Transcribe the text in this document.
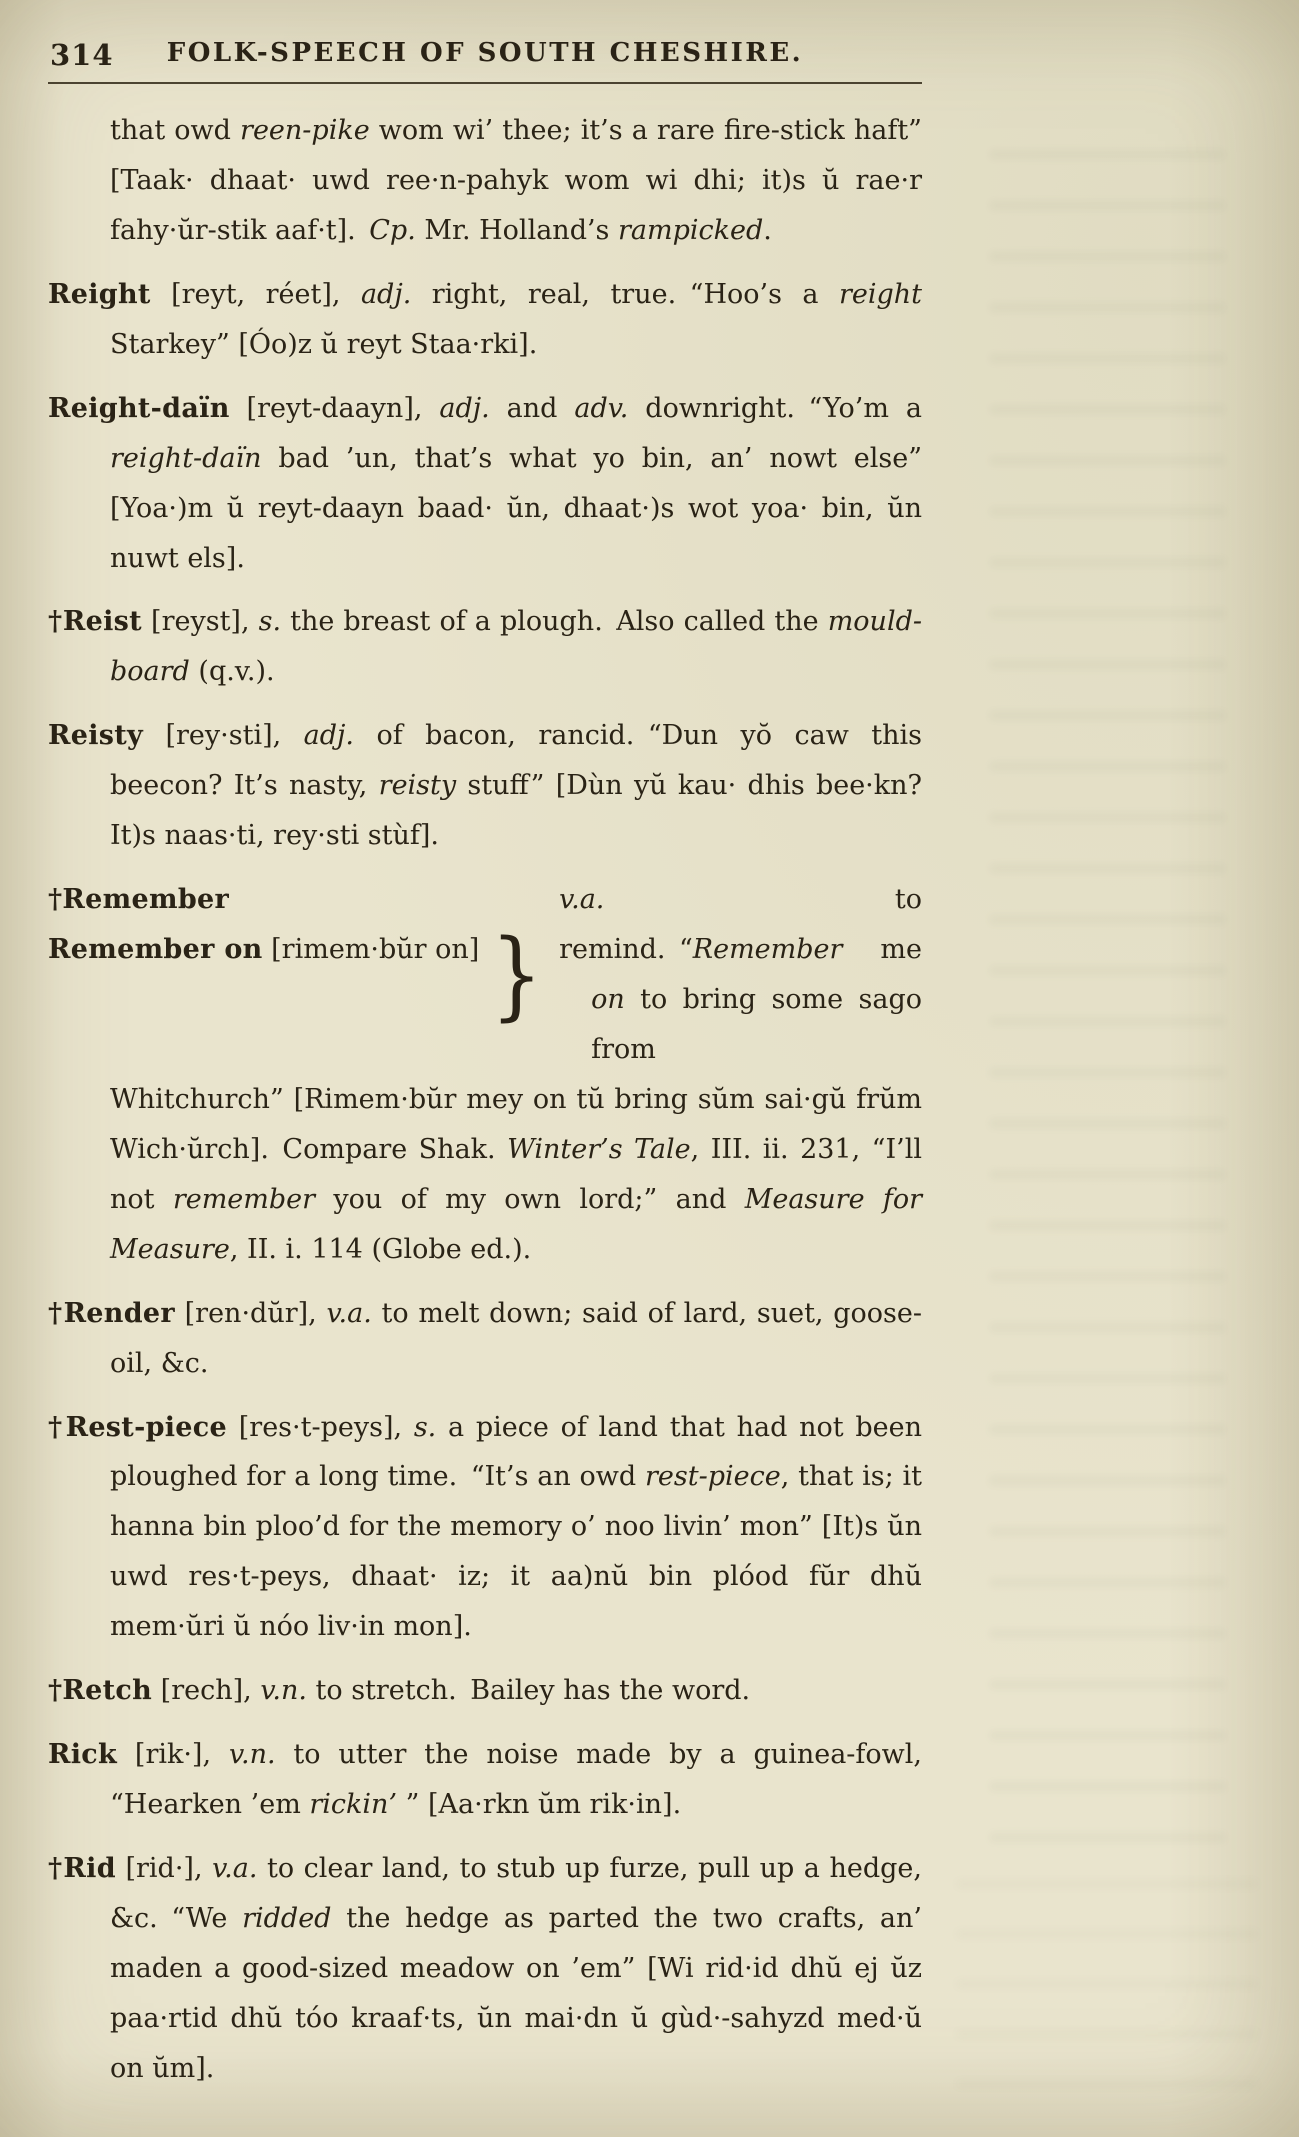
314	FOLK-SPEECH OF SOUTH CHESHIRE.

that owd reen-pike wom wi’ thee; it’s a rare fire-stick haft” [Taak· dhaat· uwd ree·n-pahyk wom wi dhi; it)s ŭ rae·r fahy·ŭr-stik aaf·t]. Cp. Mr. Holland’s rampicked.

Reight [reyt, réet], adj. right, real, true. “Hoo’s a reight Starkey” [Óo)z ŭ reyt Staa·rki].

Reight-daïn [reyt-daayn], adj. and adv. downright. “Yo’m a reight-daïn bad ’un, that’s what yo bin, an’ nowt else” [Yoa·)m ŭ reyt-daayn baad· ŭn, dhaat·)s wot yoa· bin, ŭn nuwt els].

†Reist [reyst], s. the breast of a plough. Also called the mould-board (q.v.).

Reisty [rey·sti], adj. of bacon, rancid. “Dun yŏ caw this beecon? It’s nasty, reisty stuff” [Dùn yŭ kau· dhis bee·kn? It)s naas·ti, rey·sti stùf].

†Remember
Remember on [rimem·bŭr on] }
v.a. to remind. “Remember me
on to bring some sago from
Whitchurch” [Rimem·bŭr mey on tŭ bring sŭm sai·gŭ frŭm Wich·ŭrch]. Compare Shak. Winter’s Tale, III. ii. 231, “I’ll not remember you of my own lord;” and Measure for Measure, II. i. 114 (Globe ed.).

†Render [ren·dŭr], v.a. to melt down; said of lard, suet, goose-oil, &c.

†Rest-piece [res·t-peys], s. a piece of land that had not been ploughed for a long time. “It’s an owd rest-piece, that is; it hanna bin ploo’d for the memory o’ noo livin’ mon” [It)s ŭn uwd res·t-peys, dhaat· iz; it aa)nŭ bin plóod fŭr dhŭ mem·ŭri ŭ nóo liv·in mon].

†Retch [rech], v.n. to stretch. Bailey has the word.

Rick [rik·], v.n. to utter the noise made by a guinea-fowl, “Hearken ’em rickin’ ” [Aa·rkn ŭm rik·in].

†Rid [rid·], v.a. to clear land, to stub up furze, pull up a hedge, &c. “We ridded the hedge as parted the two crafts, an’ maden a good-sized meadow on ’em” [Wi rid·id dhŭ ej ŭz paa·rtid dhŭ tóo kraaf·ts, ŭn mai·dn ŭ gùd·-sahyzd med·ŭ on ŭm].
